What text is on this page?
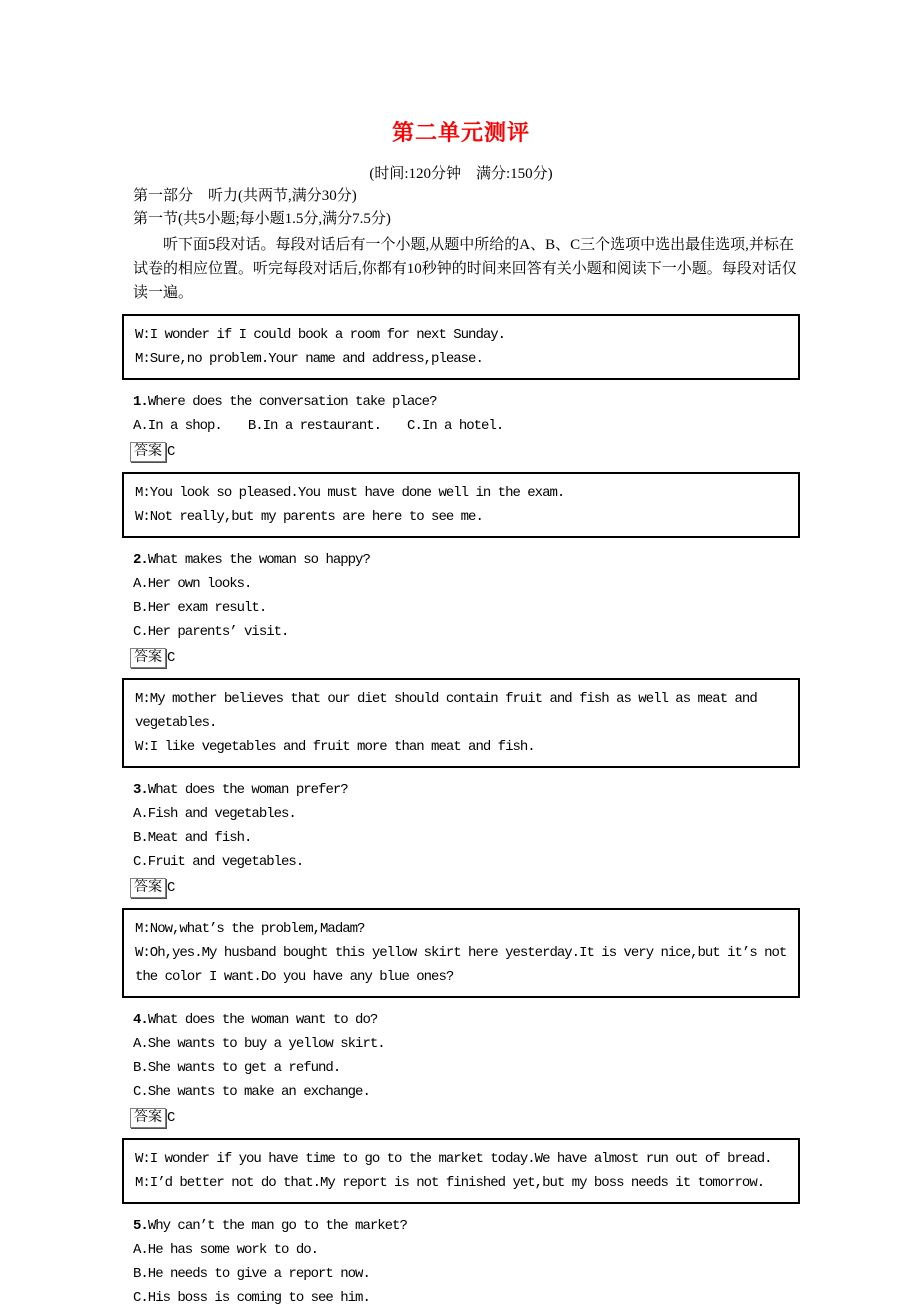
第二单元测评
(时间:120分钟　满分:150分)
第一部分　听力(共两节,满分30分)
第一节(共5小题;每小题1.5分,满分7.5分)
听下面5段对话。每段对话后有一个小题,从题中所给的A、B、C三个选项中选出最佳选项,并标在试卷的相应位置。听完每段对话后,你都有10秒钟的时间来回答有关小题和阅读下一小题。每段对话仅读一遍。
W:I wonder if I could book a room for next Sunday.
M:Sure,no problem.Your name and address,please.
1.Where does the conversation take place?
A.In a shop.　　B.In a restaurant.　　C.In a hotel.
答案 C
M:You look so pleased.You must have done well in the exam.
W:Not really,but my parents are here to see me.
2.What makes the woman so happy?
A.Her own looks.
B.Her exam result.
C.Her parents’ visit.
答案 C
M:My mother believes that our diet should contain fruit and fish as well as meat and vegetables.
W:I like vegetables and fruit more than meat and fish.
3.What does the woman prefer?
A.Fish and vegetables.
B.Meat and fish.
C.Fruit and vegetables.
答案 C
M:Now,what’s the problem,Madam?
W:Oh,yes.My husband bought this yellow skirt here yesterday.It is very nice,but it’s not the color I want.Do you have any blue ones?
4.What does the woman want to do?
A.She wants to buy a yellow skirt.
B.She wants to get a refund.
C.She wants to make an exchange.
答案 C
W:I wonder if you have time to go to the market today.We have almost run out of bread.
M:I’d better not do that.My report is not finished yet,but my boss needs it tomorrow.
5.Why can’t the man go to the market?
A.He has some work to do.
B.He needs to give a report now.
C.His boss is coming to see him.
